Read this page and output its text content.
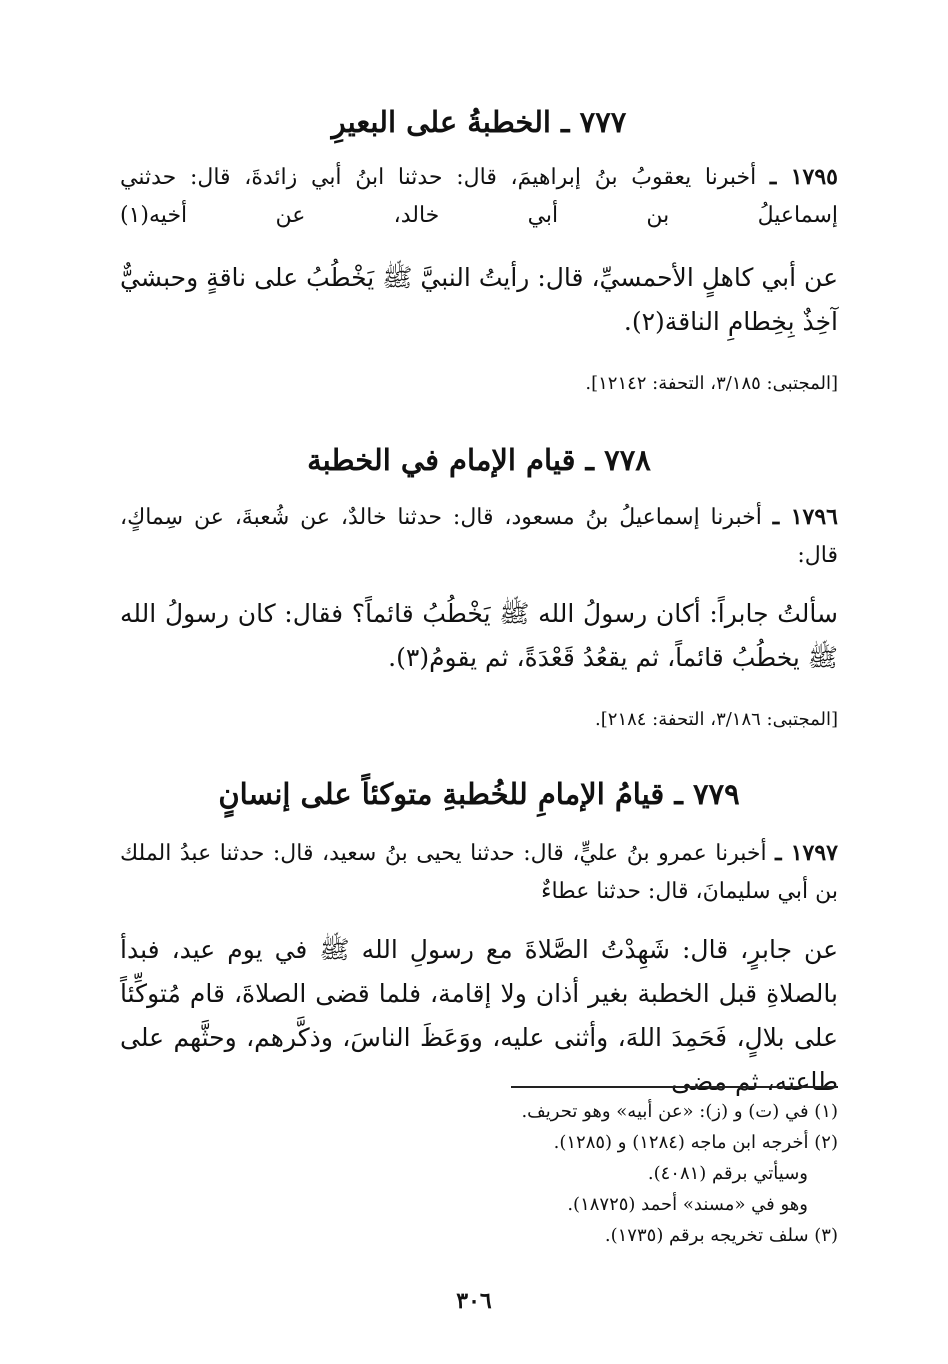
٧٧٧ ـ الخطبةُ على البعيرِ
١٧٩٥ ـ أخبرنا يعقوبُ بنُ إبراهيمَ، قال: حدثنا ابنُ أبي زائدةَ، قال: حدثني إسماعيلُ بن أبي خالد، عن أخيه(١)
عن أبي كاهلٍ الأحمسيِّ، قال: رأيتُ النبيَّ ﷺ يَخْطُبُ على ناقةٍ وحبشيٌّ آخِذٌ بِخِطامِ الناقة(٢).
[المجتبى: ٣/١٨٥، التحفة: ١٢١٤٢].
٧٧٨ ـ قيام الإمام في الخطبة
١٧٩٦ ـ أخبرنا إسماعيلُ بنُ مسعود، قال: حدثنا خالدٌ، عن شُعبةَ، عن سِماكٍ، قال:
سألتُ جابراً: أكان رسولُ الله ﷺ يَخْطُبُ قائماً؟ فقال: كان رسولُ الله ﷺ يخطُبُ قائماً، ثم يقعُدُ قَعْدَةً، ثم يقومُ(٣).
[المجتبى: ٣/١٨٦، التحفة: ٢١٨٤].
٧٧٩ ـ قيامُ الإمامِ للخُطبةِ متوكئاً على إنسانٍ
١٧٩٧ ـ أخبرنا عمرو بنُ عليٍّ، قال: حدثنا يحيى بنُ سعيد، قال: حدثنا عبدُ الملك بن أبي سليمانَ، قال: حدثنا عطاءٌ
عن جابرٍ، قال: شَهِدْتُ الصَّلاةَ مع رسولِ الله ﷺ في يوم عيد، فبدأ بالصلاةِ قبل الخطبة بغير أذان ولا إقامة، فلما قضى الصلاةَ، قام مُتوكِّئاً على بلالٍ، فَحَمِدَ اللهَ، وأثنى عليه، ووَعَظَ الناسَ، وذكَّرهم، وحثَّهم على طاعته، ثم مضى
(١) في (ت) و (ز): «عن أبيه» وهو تحريف.
(٢) أخرجه ابن ماجه (١٢٨٤) و (١٢٨٥).
وسيأتي برقم (٤٠٨١).
وهو في «مسند» أحمد (١٨٧٢٥).
(٣) سلف تخريجه برقم (١٧٣٥).
٣٠٦
